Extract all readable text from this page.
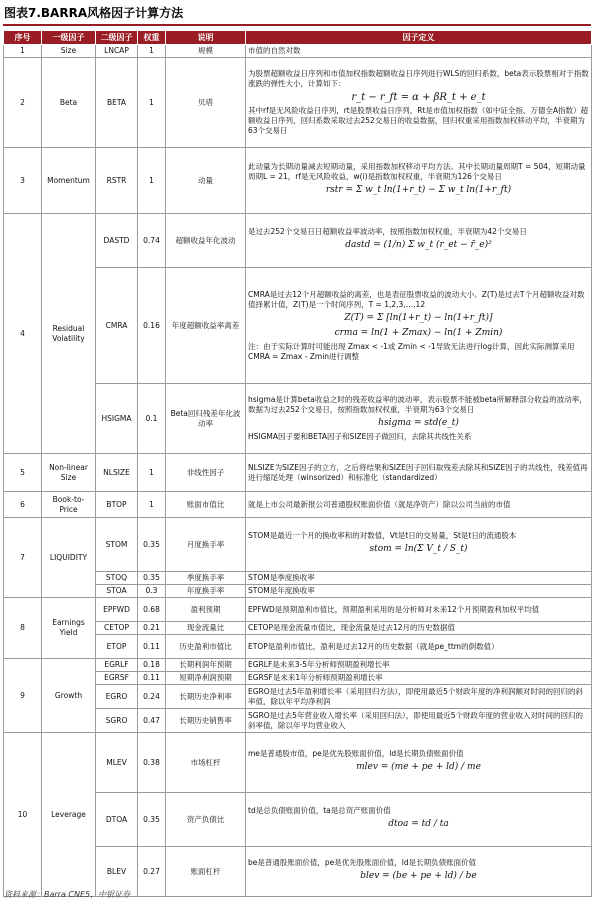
图表7.BARRA风格因子计算方法
序号	一级因子	二级因子	权重	说明	因子定义
1	Size	LNCAP	1	规模	市值的自然对数
2	Beta	BETA	1	贝塔	为股票超额收益日序列和市值加权指数超额收益日序列进行WLS的回归系数，beta表示股票相对于指数涨跌的弹性大小，计算如下：
r_t − r_ft = α + βR_t + e_t
其中rf是无风险收益日序列，rt是股票收益日序列，Rt是市值加权指数（如中证全指、万德全A指数）超额收益日序列，回归系数采取过去252交易日的收益数据，回归权重采用指数加权移动平均，半衰期为63个交易日

3	Momentum	RSTR	1	动量	此动量为长期动量减去短期动量，采用指数加权移动平均方法。其中长期动量周期T = 504，短期动量周期L = 21，rf是无风险收益，w(i)是指数加权权重，半衰期为126个交易日
rstr = Σ w_t ln(1+r_t) − Σ w_t ln(1+r_ft)

4	Residual Volatility	DASTD	0.74	超额收益年化波动	是过去252个交易日日超额收益率波动率，按照指数加权权重，半衰期为42个交易日
dastd = (1/n) Σ w_t (r_et − r̄_e)²

		CMRA	0.16	年度超额收益率离差	CMRA是过去12个月超额收益的离差，也是表征股票收益的波动大小。Z(T)是过去T个月超额收益对数值择累计值，Z(T)是一个时间序列，T = 1,2,3,…,12
Z(T) = Σ [ln(1+r_t) − ln(1+r_ft)]
crma = ln(1 + Zmax) − ln(1 + Zmin)
注：由于实际计算时可能出现 Zmax < -1或 Zmin < -1导致无法进行log计算，因此实际测算采用CMRA = Zmax - Zmin进行调整

		HSIGMA	0.1	Beta回归残差年化波动率	hsigma是计算beta收益之时的残差收益率的波动率，表示股票不能被beta所解释部分收益的波动率，数据为过去252个交易日，按照指数加权权重，半衰期为63个交易日
hsigma = std(e_t)
HSIGMA因子要和BETA因子和SIZE因子做回归，去除其共线性关系

5	Non-linear Size	NLSIZE	1	非线性因子	NLSIZE为SIZE因子的立方，之后将结果和SIZE因子回归取残差去除其和SIZE因子的共线性，残差值再进行缩尾处理（winsorized）和标准化（standardized）
6	Book-to-Price	BTOP	1	账面市值比	就是上市公司最新报公司普通股权账面价值（就是净资产）除以公司当前的市值
7	LIQUIDITY	STOM	0.35	月度换手率	STOM是最近一个月的换收率和的对数值，Vt是t日的交易量，St是t日的流通股本
stom = ln(Σ V_t / S_t)

		STOQ	0.35	季度换手率	STOM是季度换收率
		STOA	0.3	年度换手率	STOM是年度换收率
8	Earnings Yield	EPFWD	0.68	盈利预期	EPFWD是预期盈利市值比，预期盈利采用的是分析师对未来12个月预期盈利加权平均值
		CETOP	0.21	现金流量比	CETOP是现金流量市值比，现金流量是过去12月的历史数据值
		ETOP	0.11	历史盈利市值比	ETOP是盈利市值比，盈利是过去12月的历史数据（就是pe_ttm的倒数值）
9	Growth	EGRLF	0.18	长期利润年预期	EGRLF是未来3-5年分析师预期盈利增长率
		EGRSF	0.11	短期净利润预期	EGRSF是未来1年分析师预期盈利增长率
		EGRO	0.24	长期历史净利率	EGRO是过去5年盈利增长率（采用回归方法），即使用最近5个财政年度的净利润额对时间的回归的斜率值，除以年平均净利润
		SGRO	0.47	长期历史销售率	SGRO是过去5年营业收入增长率（采用回归法），即使用最近5个财政年度的营业收入对时间的回归的斜率值，除以年平均营业收入
10	Leverage	MLEV	0.38	市场杠杆	me是普通股市值，pe是优先股账面价值，ld是长期负债账面价值
mlev = (me + pe + ld) / me

		DTOA	0.35	资产负债比	td是总负债账面价值，ta是总资产账面价值
dtoa = td / ta

		BLEV	0.27	账面杠杆	be是普通股账面价值，pe是优先股账面价值，ld是长期负债账面价值
blev = (be + pe + ld) / be
资料来源：Barra CNE5，中银证券
